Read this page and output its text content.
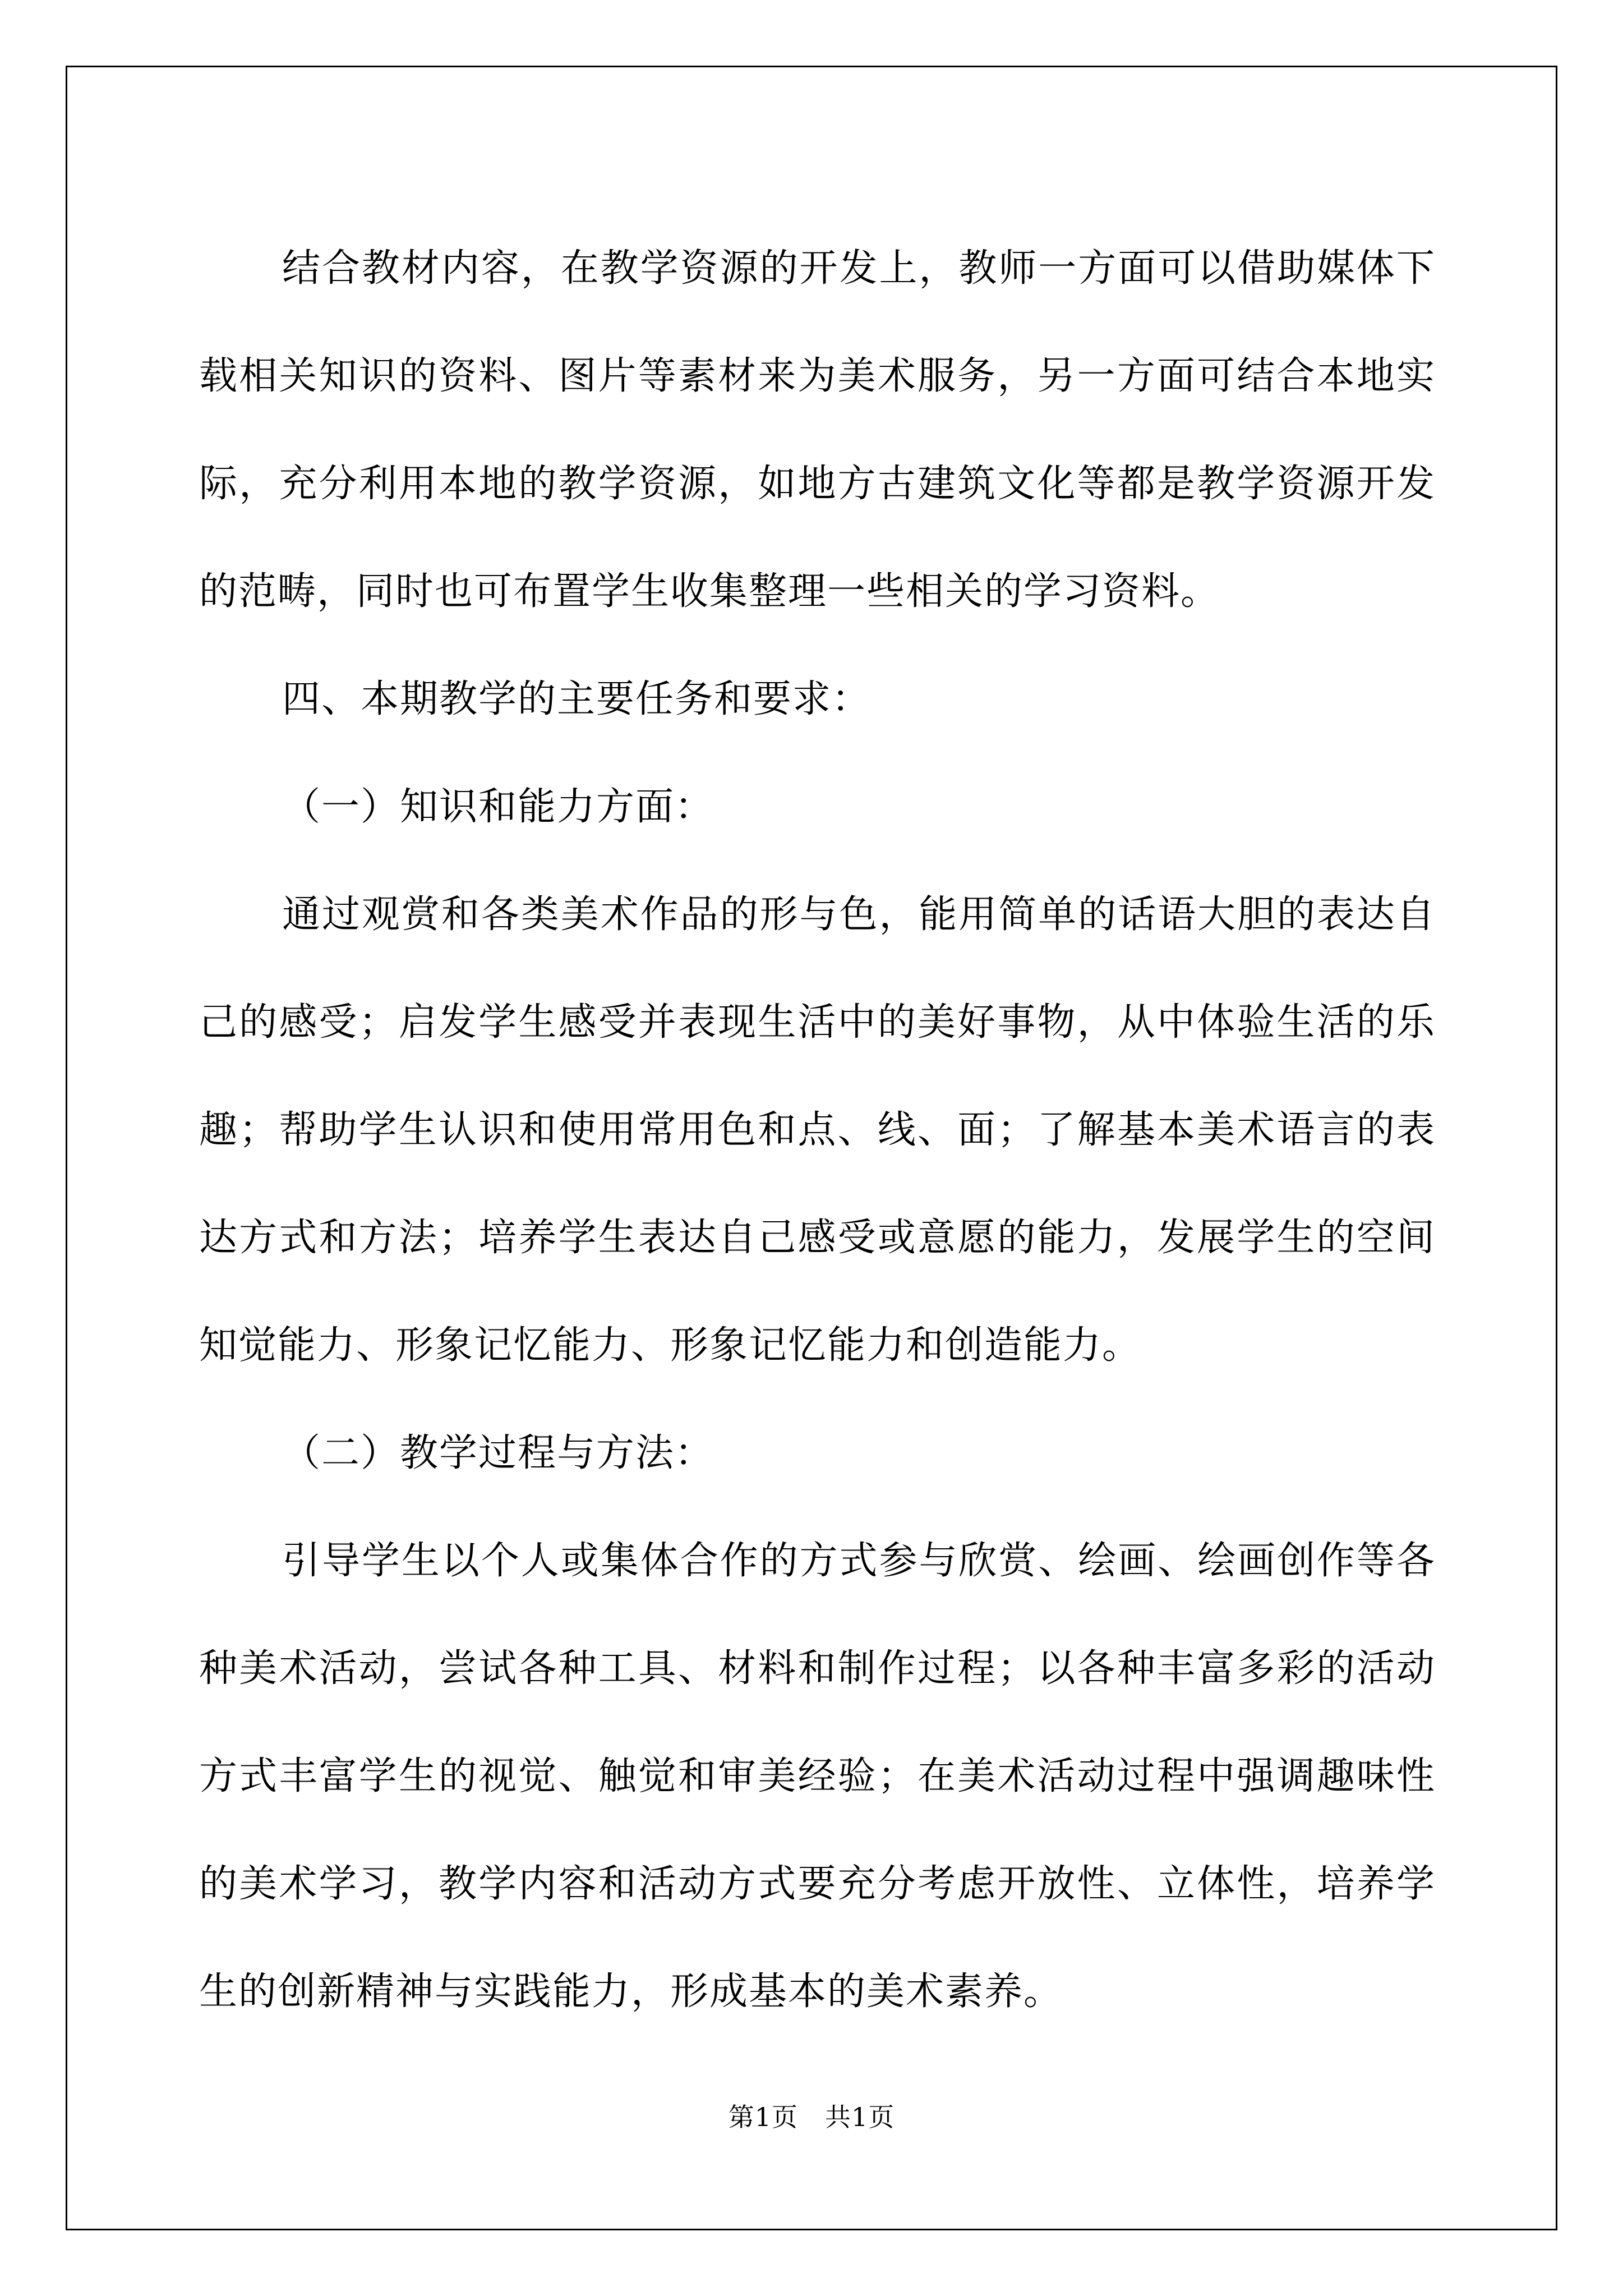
结合教材内容，在教学资源的开发上，教师一方面可以借助媒体下载相关知识的资料、图片等素材来为美术服务，另一方面可结合本地实际，充分利用本地的教学资源，如地方古建筑文化等都是教学资源开发的范畴，同时也可布置学生收集整理一些相关的学习资料。

四、本期教学的主要任务和要求：

（一）知识和能力方面：

通过观赏和各类美术作品的形与色，能用简单的话语大胆的表达自己的感受；启发学生感受并表现生活中的美好事物，从中体验生活的乐趣；帮助学生认识和使用常用色和点、线、面；了解基本美术语言的表达方式和方法；培养学生表达自己感受或意愿的能力，发展学生的空间知觉能力、形象记忆能力、形象记忆能力和创造能力。

（二）教学过程与方法：

引导学生以个人或集体合作的方式参与欣赏、绘画、绘画创作等各种美术活动，尝试各种工具、材料和制作过程；以各种丰富多彩的活动方式丰富学生的视觉、触觉和审美经验；在美术活动过程中强调趣味性的美术学习，教学内容和活动方式要充分考虑开放性、立体性，培养学生的创新精神与实践能力，形成基本的美术素养。

第1页 共1页
